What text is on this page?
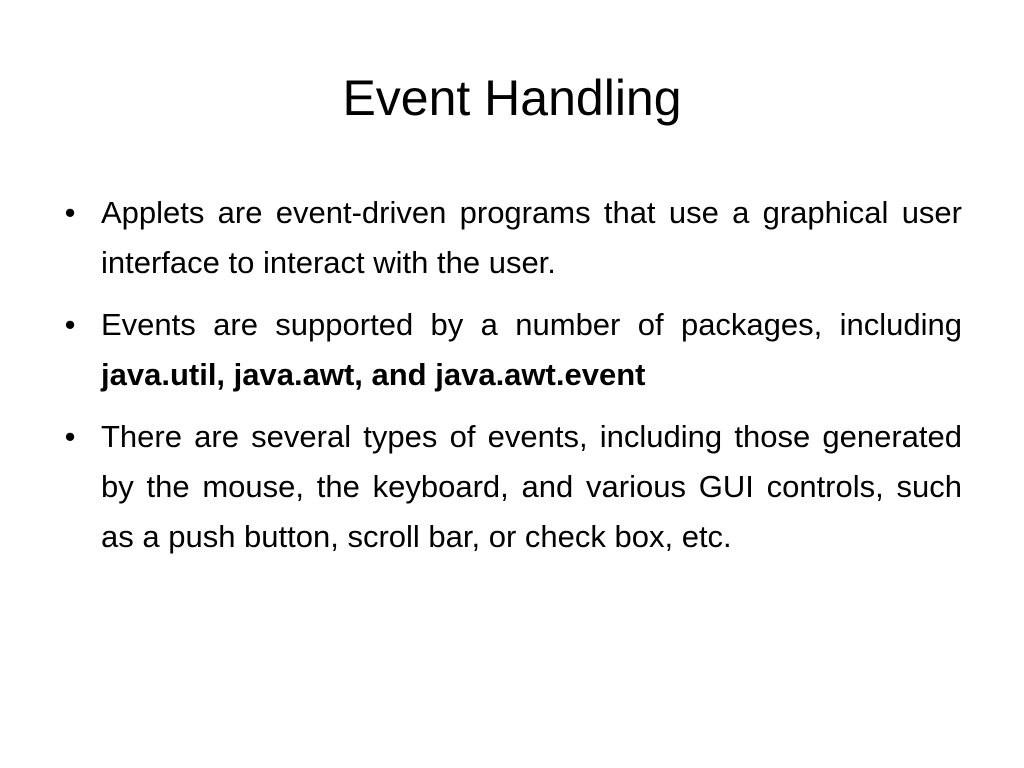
Event Handling
• Applets are event-driven programs that use a graphical user interface to interact with the user.
• Events are supported by a number of packages, including java.util, java.awt, and java.awt.event
• There are several types of events, including those generated by the mouse, the keyboard, and various GUI controls, such as a push button, scroll bar, or check box, etc.
